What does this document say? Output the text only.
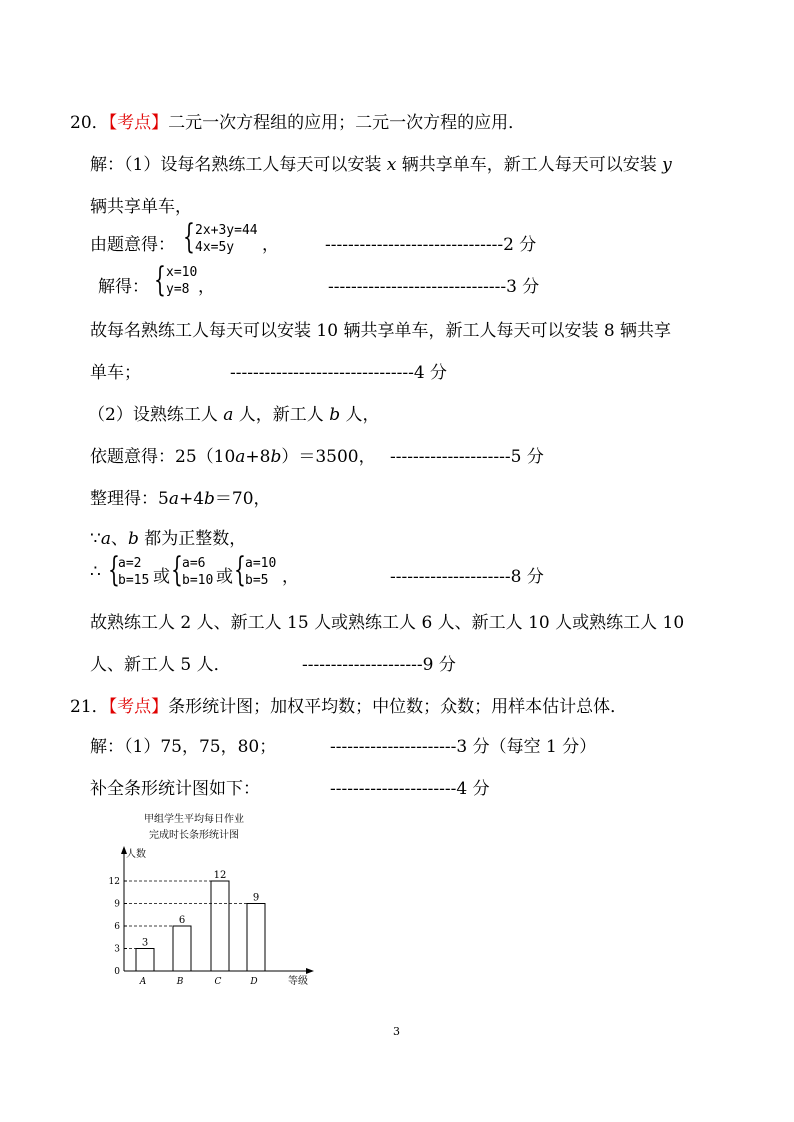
20．【考点】二元一次方程组的应用；二元一次方程的应用．
解：（1）设每名熟练工人每天可以安装 x 辆共享单车，新工人每天可以安装 y
辆共享单车，
由题意得： { 2x+3y=44
4x=5y	，	-------------------------------2 分
解得： { x=10
y=8 ，	-------------------------------3 分
故每名熟练工人每天可以安装 10 辆共享单车，新工人每天可以安装 8 辆共享
单车；	--------------------------------4 分
（2）设熟练工人 a 人，新工人 b 人，
依题意得：25（10a+8b）＝3500， ---------------------5 分
整理得：5a+4b＝70，
∵a、b 都为正整数，
∴ {
a=2
b=15 或 { a=6
b=10 或 { a=10
b=5 ，	---------------------8 分
故熟练工人 2 人、新工人 15 人或熟练工人 6 人、新工人 10 人或熟练工人 10
人、新工人 5 人．	---------------------9 分
21．【考点】条形统计图；加权平均数；中位数；众数；用样本估计总体．
解：（1）75，75，80；	----------------------3 分（每空 1 分）
补全条形统计图如下：	----------------------4 分
甲组学生平均每日作业
完成时长条形统计图
人数
等级
0
3
6
9
12
3
A
6
B
12
C
9
D
3
